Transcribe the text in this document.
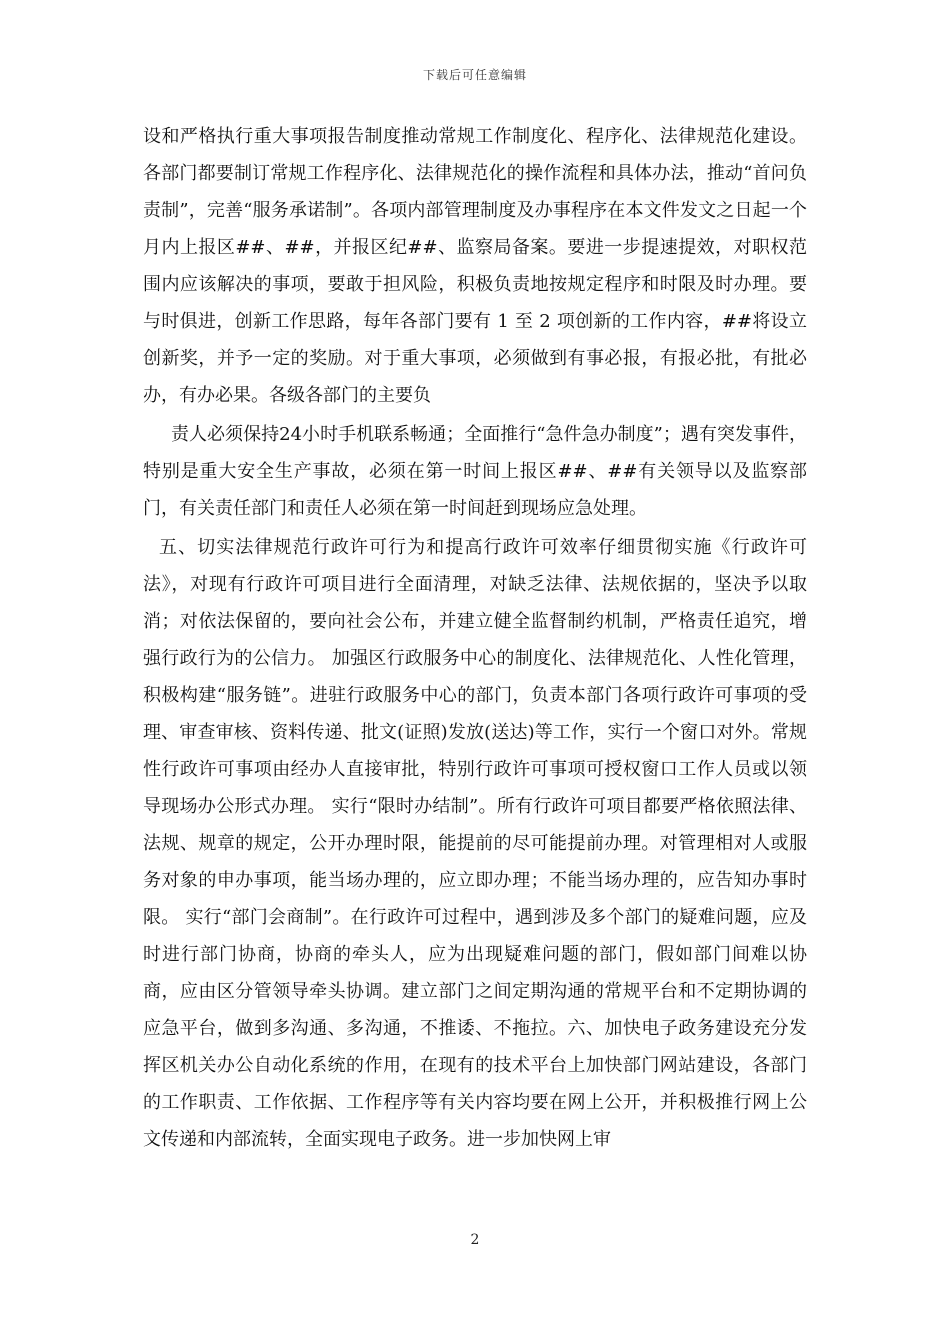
下载后可任意编辑

设和严格执行重大事项报告制度推动常规工作制度化、程序化、法律规范化建设。各部门都要制订常规工作程序化、法律规范化的操作流程和具体办法，推动“首问负责制”，完善“服务承诺制”。各项内部管理制度及办事程序在本文件发文之日起一个月内上报区##、##，并报区纪##、监察局备案。要进一步提速提效，对职权范围内应该解决的事项，要敢于担风险，积极负责地按规定程序和时限及时办理。要与时俱进，创新工作思路，每年各部门要有 1 至 2 项创新的工作内容，##将设立创新奖，并予一定的奖励。对于重大事项，必须做到有事必报，有报必批，有批必办，有办必果。各级各部门的主要负

责人必须保持24小时手机联系畅通；全面推行“急件急办制度”；遇有突发事件，特别是重大安全生产事故，必须在第一时间上报区##、##有关领导以及监察部门，有关责任部门和责任人必须在第一时间赶到现场应急处理。

五、切实法律规范行政许可行为和提高行政许可效率仔细贯彻实施《行政许可法》，对现有行政许可项目进行全面清理，对缺乏法律、法规依据的，坚决予以取消；对依法保留的，要向社会公布，并建立健全监督制约机制，严格责任追究，增强行政行为的公信力。 加强区行政服务中心的制度化、法律规范化、人性化管理，积极构建“服务链”。进驻行政服务中心的部门，负责本部门各项行政许可事项的受理、审查审核、资料传递、批文(证照)发放(送达)等工作，实行一个窗口对外。常规性行政许可事项由经办人直接审批，特别行政许可事项可授权窗口工作人员或以领导现场办公形式办理。 实行“限时办结制”。所有行政许可项目都要严格依照法律、法规、规章的规定，公开办理时限，能提前的尽可能提前办理。对管理相对人或服务对象的申办事项，能当场办理的，应立即办理；不能当场办理的，应告知办事时限。 实行“部门会商制”。在行政许可过程中，遇到涉及多个部门的疑难问题，应及时进行部门协商，协商的牵头人，应为出现疑难问题的部门，假如部门间难以协商，应由区分管领导牵头协调。建立部门之间定期沟通的常规平台和不定期协调的应急平台，做到多沟通、多沟通，不推诿、不拖拉。六、加快电子政务建设充分发挥区机关办公自动化系统的作用，在现有的技术平台上加快部门网站建设，各部门的工作职责、工作依据、工作程序等有关内容均要在网上公开，并积极推行网上公文传递和内部流转，全面实现电子政务。进一步加快网上审

2
